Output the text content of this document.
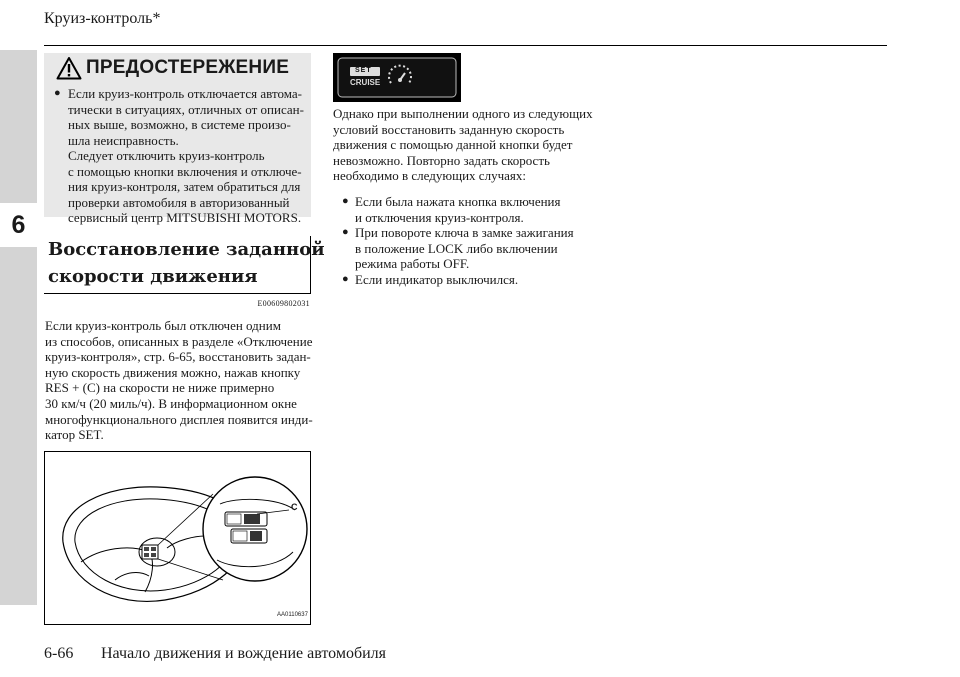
6
Круиз-контроль*
ПРЕДОСТЕРЕЖЕНИЕ
● Если круиз-контроль отключается автома-
тически в ситуациях, отличных от описан-
ных выше, возможно, в системе произо-
шла неисправность.
Следует отключить круиз-контроль
с помощью кнопки включения и отключе-
ния круиз-контроля, затем обратиться для
проверки автомобиля в авторизованный
сервисный центр MITSUBISHI MOTORS.
Восстановление заданной
скорости движения
E00609802031
Если круиз-контроль был отключен одним
из способов, описанных в разделе «Отключение
круиз-контроля», стр. 6-65, восстановить задан-
ную скорость движения можно, нажав кнопку
RES + (C) на скорости не ниже примерно
30 км/ч (20 миль/ч). В информационном окне
многофункционального дисплея появится инди-
катор SET.
C
AA0110637
SET
CRUISE
Однако при выполнении одного из следующих
условий восстановить заданную скорость
движения с помощью данной кнопки будет
невозможно. Повторно задать скорость
необходимо в следующих случаях:
● Если была нажата кнопка включения
и отключения круиз-контроля.
● При повороте ключа в замке зажигания
в положение LOCK либо включении
режима работы OFF.
● Если индикатор выключился.
6-66 Начало движения и вождение автомобиля
